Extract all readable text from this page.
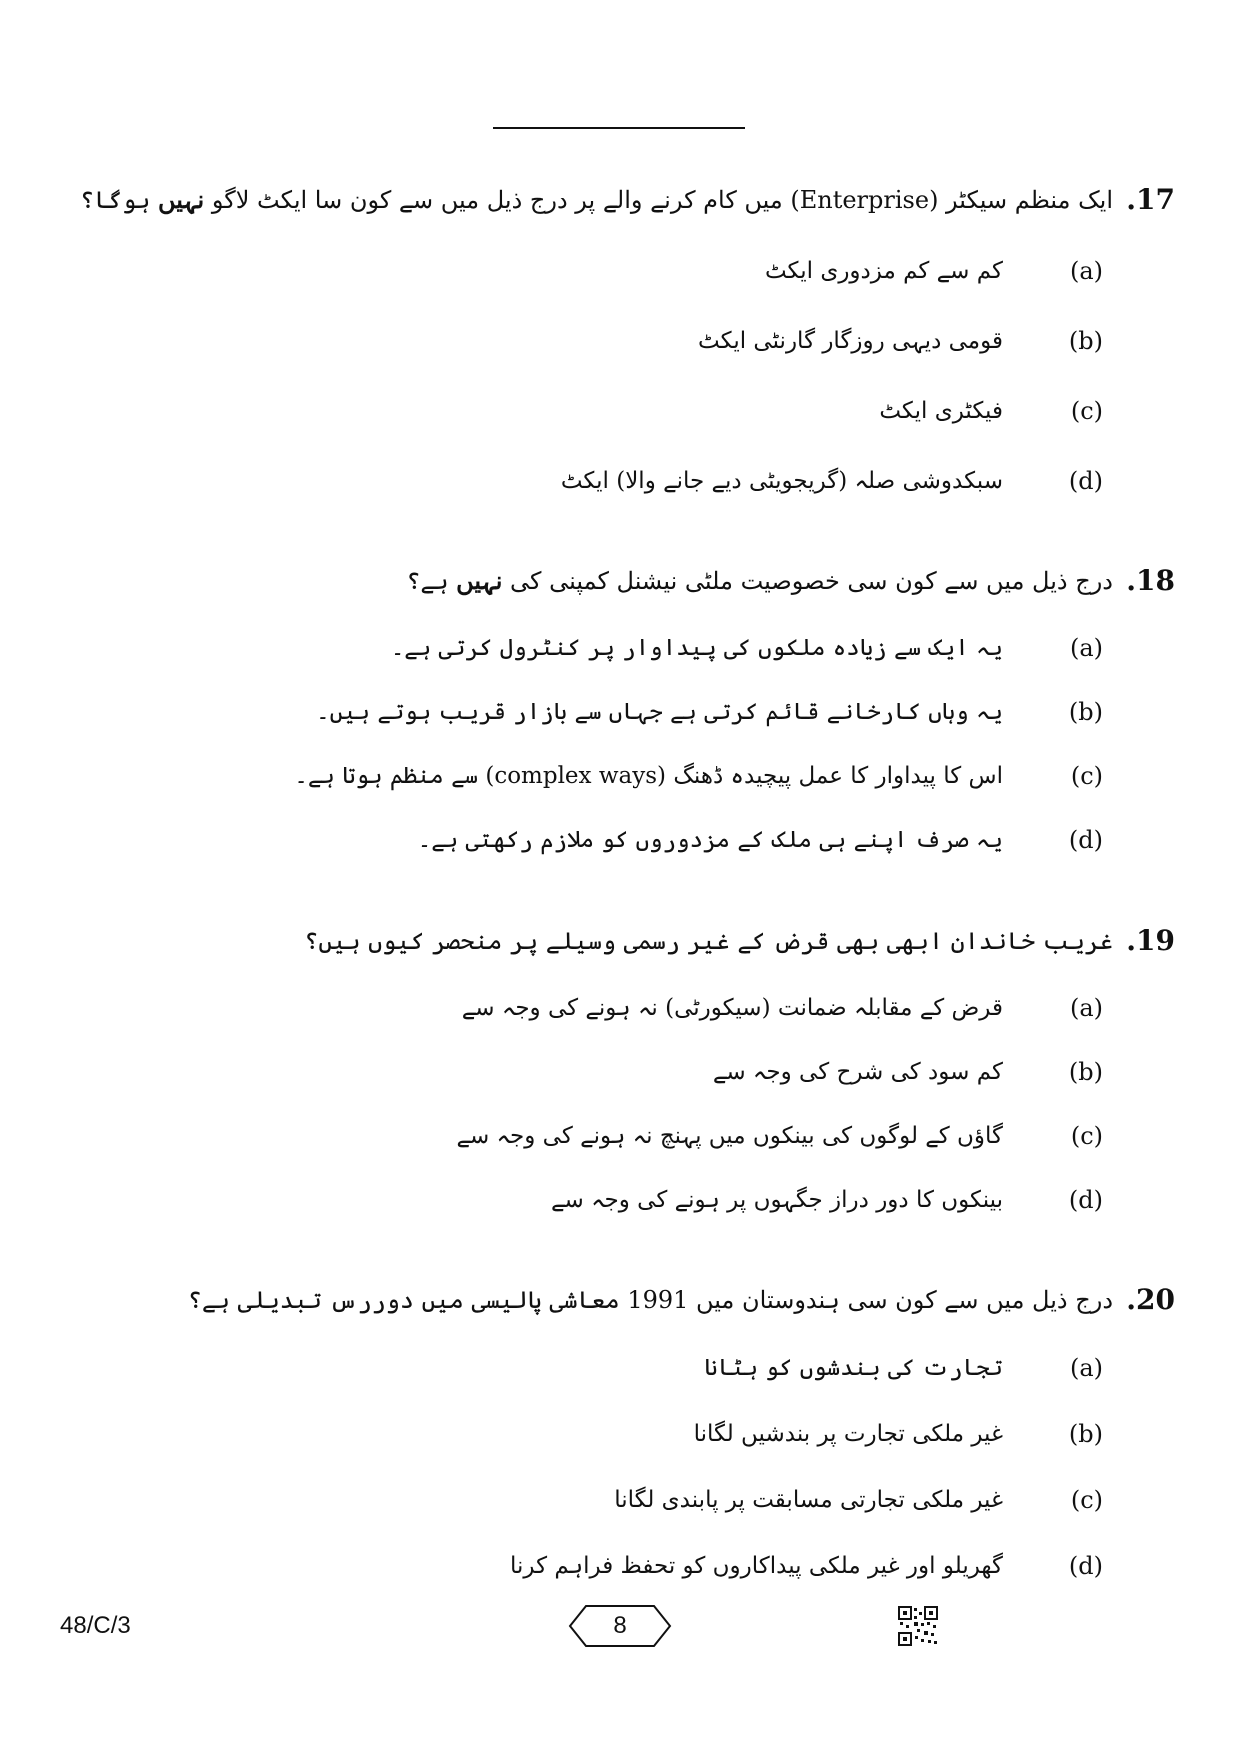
.17
ایک منظم سیکٹر (Enterprise) میں کام کرنے والے پر درج ذیل میں سے کون سا ایکٹ لاگو نہیں ہوگا؟
(a)
کم سے کم مزدوری ایکٹ
(b)
قومی دیہی روزگار گارنٹی ایکٹ
(c)
فیکٹری ایکٹ
(d)
سبکدوشی صلہ (گریجویٹی دیے جانے والا) ایکٹ
.18
درج ذیل میں سے کون سی خصوصیت ملٹی نیشنل کمپنی کی نہیں ہے؟
(a)
یہ ایک سے زیادہ ملکوں کی پیداوار پر کنٹرول کرتی ہے۔
(b)
یہ وہاں کارخانے قائم کرتی ہے جہاں سے بازار قریب ہوتے ہیں۔
(c)
اس کا پیداوار کا عمل پیچیدہ ڈھنگ (complex ways) سے منظم ہوتا ہے۔
(d)
یہ صرف اپنے ہی ملک کے مزدوروں کو ملازم رکھتی ہے۔
.19
غریب خاندان ابھی بھی قرض کے غیر رسمی وسیلے پر منحصر کیوں ہیں؟
(a)
قرض کے مقابلہ ضمانت (سیکورٹی) نہ ہونے کی وجہ سے
(b)
کم سود کی شرح کی وجہ سے
(c)
گاؤں کے لوگوں کی بینکوں میں پہنچ نہ ہونے کی وجہ سے
(d)
بینکوں کا دور دراز جگہوں پر ہونے کی وجہ سے
.20
درج ذیل میں سے کون سی ہندوستان میں 1991 معاشی پالیسی میں دوررس تبدیلی ہے؟
(a)
تجارت کی بندشوں کو ہٹانا
(b)
غیر ملکی تجارت پر بندشیں لگانا
(c)
غیر ملکی تجارتی مسابقت پر پابندی لگانا
(d)
گھریلو اور غیر ملکی پیداکاروں کو تحفظ فراہم کرنا
48/C/3	8
